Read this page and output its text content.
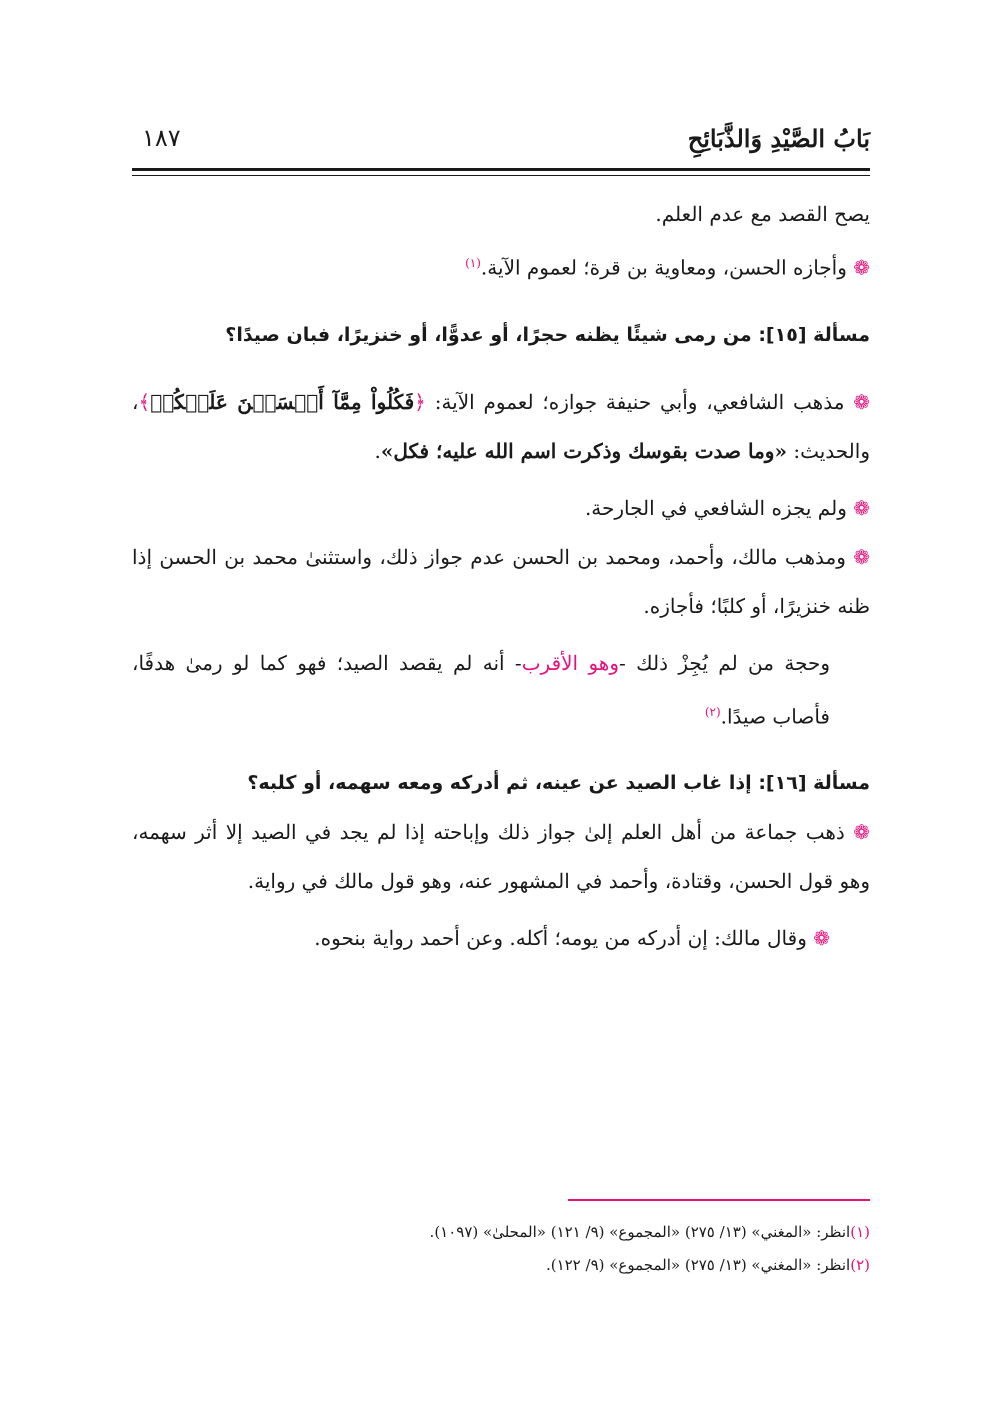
بَابُ الصَّيْدِ وَالذَّبَائِحِ
١٨٧

يصح القصد مع عدم العلم.

❁ وأجازه الحسن، ومعاوية بن قرة؛ لعموم الآية.$^{(١)}$

مسألة [١٥]: من رمى شيئًا يظنه حجرًا، أو عدوًّا، أو خنزيرًا، فبان صيدًا؟

❁ مذهب الشافعي، وأبي حنيفة جوازه؛ لعموم الآية: ﴿فَكُلُواْ مِمَّآ أَمۡسَكۡنَ عَلَيۡكُمۡ﴾، والحديث: «وما صدت بقوسك وذكرت اسم الله عليه؛ فكل».

❁ ولم يجزه الشافعي في الجارحة.

❁ ومذهب مالك، وأحمد، ومحمد بن الحسن عدم جواز ذلك، واستثنىٰ محمد بن الحسن إذا ظنه خنزيرًا، أو كلبًا؛ فأجازه.

وحجة من لم يُجِزْ ذلك -وهو الأقرب- أنه لم يقصد الصيد؛ فهو كما لو رمىٰ هدفًا، فأصاب صيدًا.$^{(٢)}$

مسألة [١٦]: إذا غاب الصيد عن عينه، ثم أدركه ومعه سهمه، أو كلبه؟

❁ ذهب جماعة من أهل العلم إلىٰ جواز ذلك وإباحته إذا لم يجد في الصيد إلا أثر سهمه، وهو قول الحسن، وقتادة، وأحمد في المشهور عنه، وهو قول مالك في رواية.

❁ وقال مالك: إن أدركه من يومه؛ أكله. وعن أحمد رواية بنحوه.

(١)انظر: «المغني» (١٣/ ٢٧٥) «المجموع» (٩/ ١٢١) «المحلىٰ» (١٠٩٧).
(٢)انظر: «المغني» (١٣/ ٢٧٥) «المجموع» (٩/ ١٢٢).
